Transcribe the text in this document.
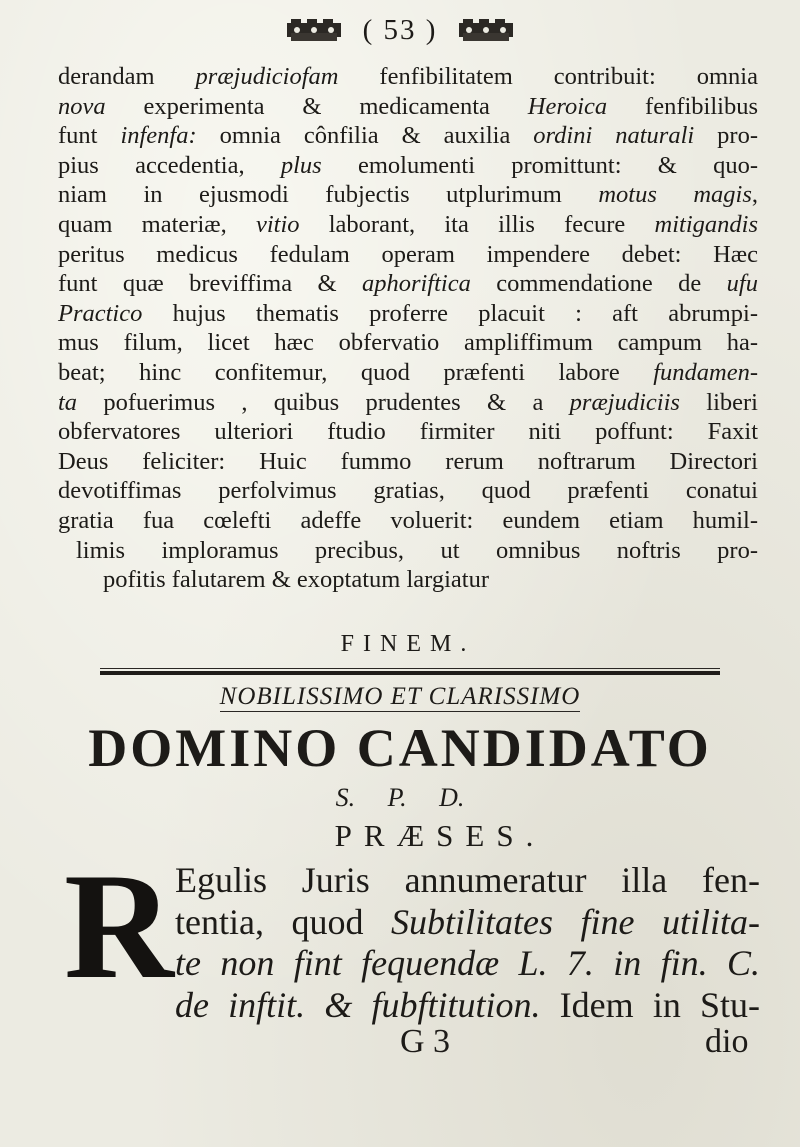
( 53 )
derandam præjudiciofam fenfibilitatem contribuit: omnia
nova experimenta & medicamenta Heroica fenfibilibus
funt infenfa: omnia cônfilia & auxilia ordini naturali pro-
pius accedentia, plus emolumenti promittunt: & quo-
niam in ejusmodi fubjectis utplurimum motus magis,
quam materiæ, vitio laborant, ita illis fecure mitigandis
peritus medicus fedulam operam impendere debet: Hæc
funt quæ breviffima & aphoriftica commendatione de ufu
Practico hujus thematis proferre placuit : aft abrumpi-
mus filum, licet hæc obfervatio ampliffimum campum ha-
beat; hinc confitemur, quod præfenti labore fundamen-
ta pofuerimus , quibus prudentes & a præjudiciis liberi
obfervatores ulteriori ftudio firmiter niti poffunt: Faxit
Deus feliciter: Huic fummo rerum noftrarum Directori
devotiffimas perfolvimus gratias, quod præfenti conatui
gratia fua cœlefti adeffe voluerit: eundem etiam humil-
limis imploramus precibus, ut omnibus noftris pro-
pofitis falutarem & exoptatum largiatur
FINEM.
NOBILISSIMO ET CLARISSIMO
DOMINO CANDIDATO
S. P. D.
PRÆSES.
R Egulis Juris annumeratur illa fen-
tentia, quod Subtilitates fine utilita-
te non fint fequendæ L. 7. in fin. C.
de inftit. & fubftitution. Idem in Stu-
G 3	dio
